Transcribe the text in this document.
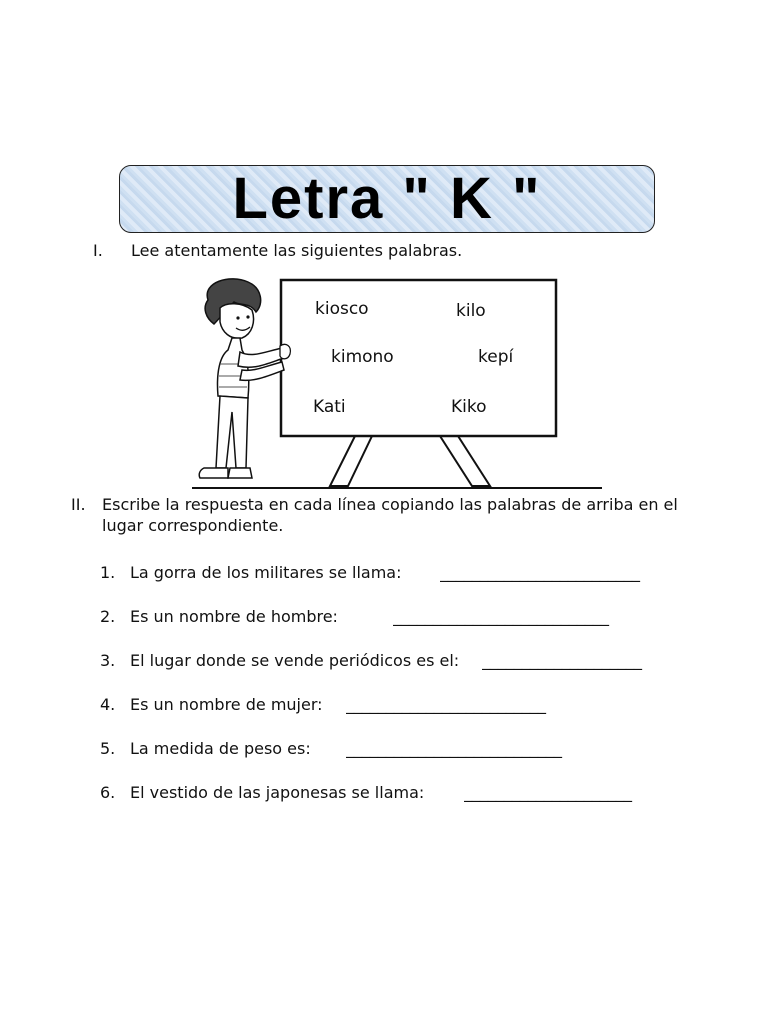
Letra " K "
I. Lee atentamente las siguientes palabras.
kiosco	kilo
kimono	kepí
Kati	Kiko
II. Escribe la respuesta en cada línea copiando las palabras de arriba en el lugar correspondiente.
1. La gorra de los militares se llama: _________________________
2. Es un nombre de hombre:	___________________________
3. El lugar donde se vende periódicos es el: ____________________
4. Es un nombre de mujer: _________________________
5. La medida de peso es: ___________________________
6. El vestido de las japonesas se llama: _____________________
